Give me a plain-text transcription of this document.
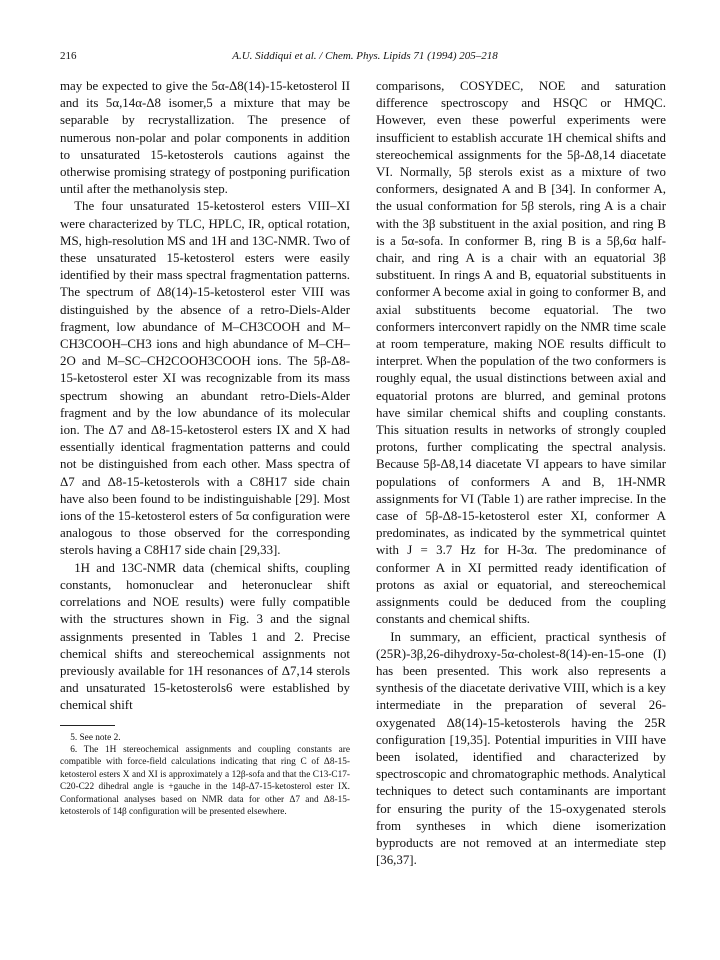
216	A.U. Siddiqui et al. / Chem. Phys. Lipids 71 (1994) 205–218

may be expected to give the 5α-Δ8(14)-15-ketosterol II and its 5α,14α-Δ8 isomer,5 a mixture that may be separable by recrystallization. The presence of numerous non-polar and polar components in addition to unsaturated 15-ketosterols cautions against the otherwise promising strategy of postponing purification until after the methanolysis step.

The four unsaturated 15-ketosterol esters VIII–XI were characterized by TLC, HPLC, IR, optical rotation, MS, high-resolution MS and 1H and 13C-NMR. Two of these unsaturated 15-ketosterol esters were easily identified by their mass spectral fragmentation patterns. The spectrum of Δ8(14)-15-ketosterol ester VIII was distinguished by the absence of a retro-Diels-Alder fragment, low abundance of M–CH3COOH and M–CH3COOH–CH3 ions and high abundance of M–CH–2O and M–SC–CH2COOH3COOH ions. The 5β-Δ8-15-ketosterol ester XI was recognizable from its mass spectrum showing an abundant retro-Diels-Alder fragment and by the low abundance of its molecular ion. The Δ7 and Δ8-15-ketosterol esters IX and X had essentially identical fragmentation patterns and could not be distinguished from each other. Mass spectra of Δ7 and Δ8-15-ketosterols with a C8H17 side chain have also been found to be indistinguishable [29]. Most ions of the 15-ketosterol esters of 5α configuration were analogous to those observed for the corresponding sterols having a C8H17 side chain [29,33].

1H and 13C-NMR data (chemical shifts, coupling constants, homonuclear and heteronuclear shift correlations and NOE results) were fully compatible with the structures shown in Fig. 3 and the signal assignments presented in Tables 1 and 2. Precise chemical shifts and stereochemical assignments not previously available for 1H resonances of Δ7,14 sterols and unsaturated 15-ketosterols6 were established by chemical shift

5. See note 2.

6. The 1H stereochemical assignments and coupling constants are compatible with force-field calculations indicating that ring C of Δ8-15-ketosterol esters X and XI is approximately a 12β-sofa and that the C13-C17-C20-C22 dihedral angle is +gauche in the 14β-Δ7-15-ketosterol ester IX. Conformational analyses based on NMR data for other Δ7 and Δ8-15-ketosterols of 14β configuration will be presented elsewhere.

comparisons, COSYDEC, NOE and saturation difference spectroscopy and HSQC or HMQC. However, even these powerful experiments were insufficient to establish accurate 1H chemical shifts and stereochemical assignments for the 5β-Δ8,14 diacetate VI. Normally, 5β sterols exist as a mixture of two conformers, designated A and B [34]. In conformer A, the usual conformation for 5β sterols, ring A is a chair with the 3β substituent in the axial position, and ring B is a 5α-sofa. In conformer B, ring B is a 5β,6α half-chair, and ring A is a chair with an equatorial 3β substituent. In rings A and B, equatorial substituents in conformer A become axial in going to conformer B, and axial substituents become equatorial. The two conformers interconvert rapidly on the NMR time scale at room temperature, making NOE results difficult to interpret. When the population of the two conformers is roughly equal, the usual distinctions between axial and equatorial protons are blurred, and geminal protons have similar chemical shifts and coupling constants. This situation results in networks of strongly coupled protons, further complicating the spectral analysis. Because 5β-Δ8,14 diacetate VI appears to have similar populations of conformers A and B, 1H-NMR assignments for VI (Table 1) are rather imprecise. In the case of 5β-Δ8-15-ketosterol ester XI, conformer A predominates, as indicated by the symmetrical quintet with J = 3.7 Hz for H-3α. The predominance of conformer A in XI permitted ready identification of protons as axial or equatorial, and stereochemical assignments could be deduced from the coupling constants and chemical shifts.

In summary, an efficient, practical synthesis of (25R)-3β,26-dihydroxy-5α-cholest-8(14)-en-15-one (I) has been presented. This work also represents a synthesis of the diacetate derivative VIII, which is a key intermediate in the preparation of several 26-oxygenated Δ8(14)-15-ketosterols having the 25R configuration [19,35]. Potential impurities in VIII have been isolated, identified and characterized by spectroscopic and chromatographic methods. Analytical techniques to detect such contaminants are important for ensuring the purity of the 15-oxygenated sterols from syntheses in which diene isomerization byproducts are not removed at an intermediate step [36,37].
